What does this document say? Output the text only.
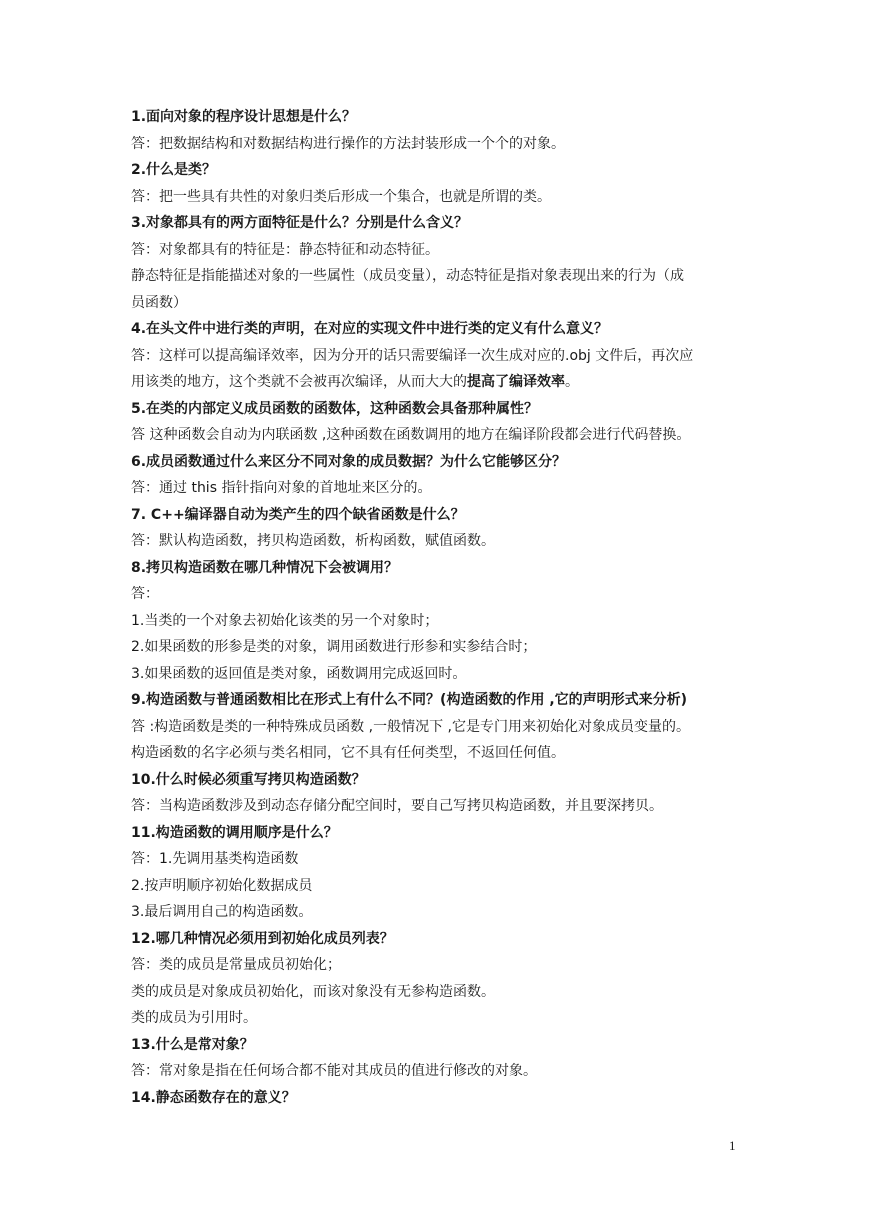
1.面向对象的程序设计思想是什么？
答：把数据结构和对数据结构进行操作的方法封装形成一个个的对象。
2.什么是类？
答：把一些具有共性的对象归类后形成一个集合，也就是所谓的类。
3.对象都具有的两方面特征是什么？分别是什么含义？
答：对象都具有的特征是：静态特征和动态特征。
静态特征是指能描述对象的一些属性（成员变量），动态特征是指对象表现出来的行为（成
员函数）
4.在头文件中进行类的声明，在对应的实现文件中进行类的定义有什么意义？
答：这样可以提高编译效率，因为分开的话只需要编译一次生成对应的.obj 文件后，再次应
用该类的地方，这个类就不会被再次编译，从而大大的提高了编译效率。
5.在类的内部定义成员函数的函数体，这种函数会具备那种属性？
答 这种函数会自动为内联函数 ,这种函数在函数调用的地方在编译阶段都会进行代码替换。
6.成员函数通过什么来区分不同对象的成员数据？为什么它能够区分？
答：通过 this 指针指向对象的首地址来区分的。
7. C++编译器自动为类产生的四个缺省函数是什么？
答：默认构造函数，拷贝构造函数，析构函数，赋值函数。
8.拷贝构造函数在哪几种情况下会被调用？
答：
1.当类的一个对象去初始化该类的另一个对象时；
2.如果函数的形参是类的对象，调用函数进行形参和实参结合时；
3.如果函数的返回值是类对象，函数调用完成返回时。
9.构造函数与普通函数相比在形式上有什么不同？(构造函数的作用 ,它的声明形式来分析)
答 :构造函数是类的一种特殊成员函数 ,一般情况下 ,它是专门用来初始化对象成员变量的。
构造函数的名字必须与类名相同，它不具有任何类型，不返回任何值。
10.什么时候必须重写拷贝构造函数？
答：当构造函数涉及到动态存储分配空间时，要自己写拷贝构造函数，并且要深拷贝。
11.构造函数的调用顺序是什么？
答：1.先调用基类构造函数
2.按声明顺序初始化数据成员
3.最后调用自己的构造函数。
12.哪几种情况必须用到初始化成员列表？
答：类的成员是常量成员初始化；
类的成员是对象成员初始化，而该对象没有无参构造函数。
类的成员为引用时。
13.什么是常对象？
答：常对象是指在任何场合都不能对其成员的值进行修改的对象。
14.静态函数存在的意义？
1
